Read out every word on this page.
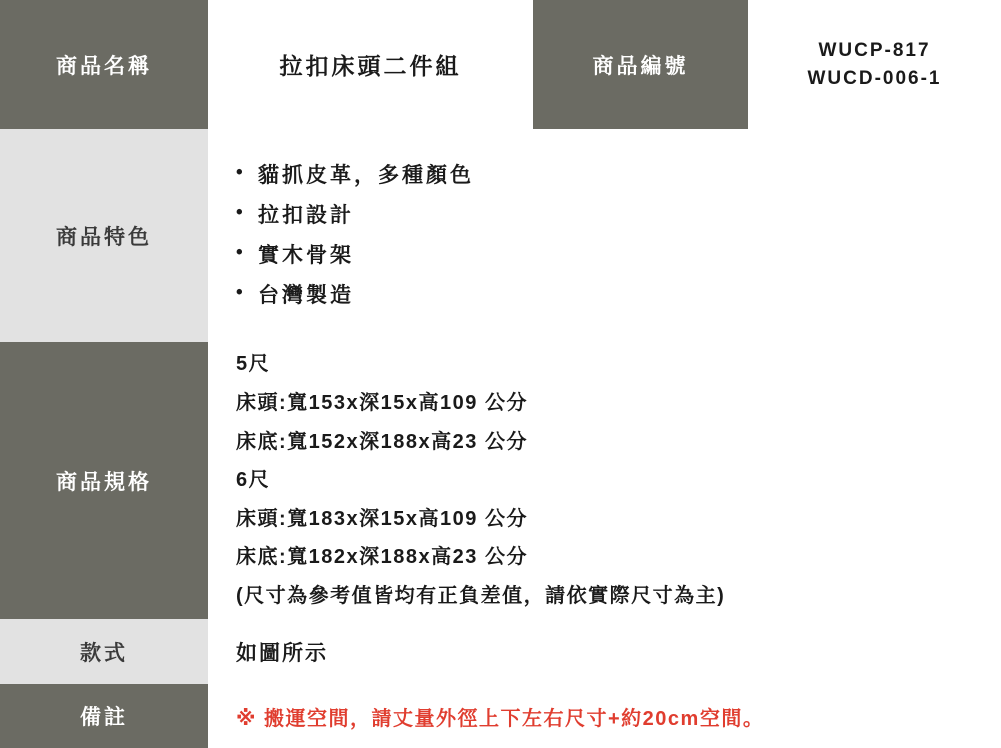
商品名稱	拉扣床頭二件組	商品編號	WUCP-817
WUCD-006-1

商品特色	
• 貓抓皮革，多種顏色
• 拉扣設計
• 實木骨架
• 台灣製造

商品規格	
5尺
床頭:寬153x深15x高109 公分
床底:寬152x深188x高23 公分
6尺
床頭:寬183x深15x高109 公分
床底:寬182x深188x高23 公分
(尺寸為參考值皆均有正負差值，請依實際尺寸為主)

款式	如圖所示		

備註	※ 搬運空間，請丈量外徑上下左右尺寸+約20cm空間。		
